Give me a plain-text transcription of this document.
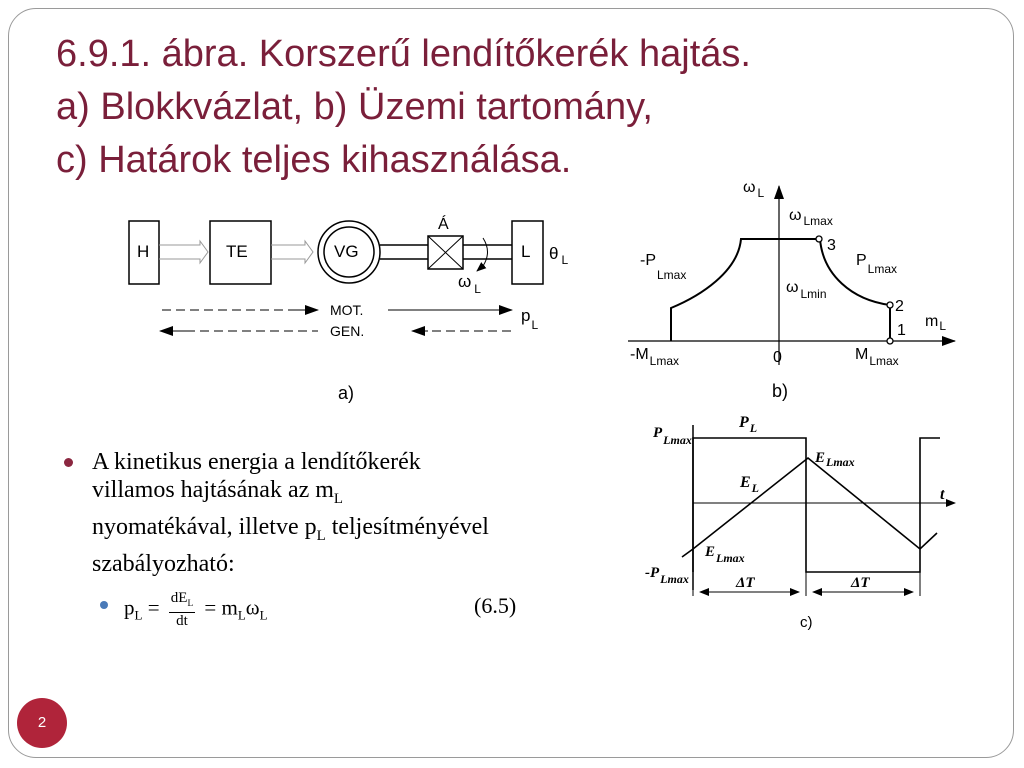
6.9.1. ábra. Korszerű lendítőkerék hajtás.
a) Blokkvázlat, b) Üzemi tartomány,
c) Határok teljes kihasználása.
H	TE	VG
Á
L θ $_L$
ω $_L$
MOT.
GEN.
$p_L$
a)
ω $_L$
ω $_{Lmax}$
3
$P_{Lmax}$
$-P_{Lmax}$
ω $_{Lmin}$
2
1
$m_L$
$-M_{Lmax}$	0	$M_{Lmax}$
b)
$P_L$
$P_{Lmax}$
$E_{Lmax}$
$E_L$	t
$E_{Lmax}$
$-P_{Lmax}$	ΔT	ΔT
c)
A kinetikus energia a lendítőkerék
villamos hajtásának az $m_L$
nyomatékával, illetve $p_L$ teljesítményével
szabályozható:
$p_L = \frac{dE_L}{dt} = m_L\omega_L$	(6.5)
2
